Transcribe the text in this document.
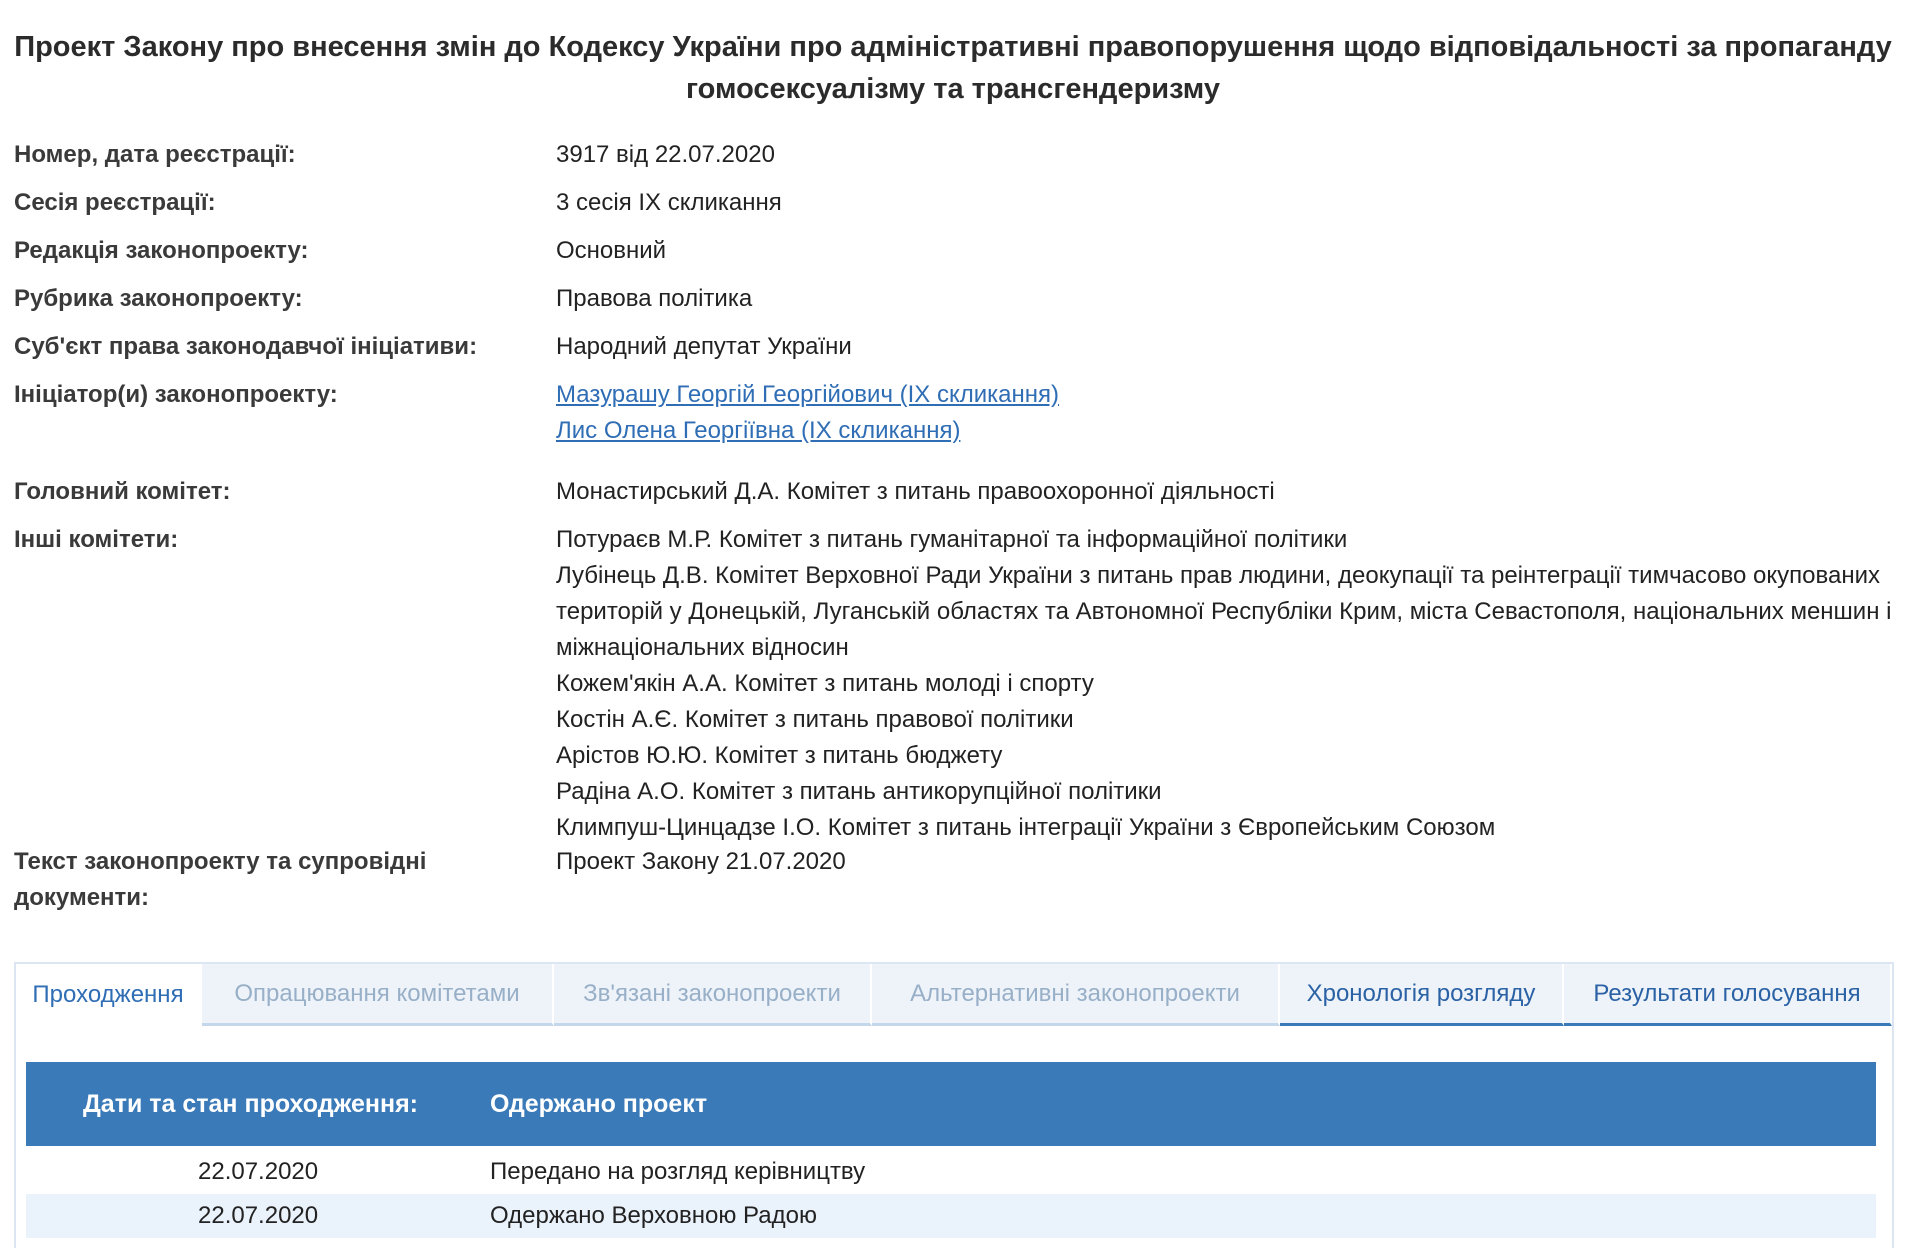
Проект Закону про внесення змін до Кодексу України про адміністративні правопорушення щодо відповідальності за пропаганду гомосексуалізму та трансгендеризму
Номер, дата реєстрації:	3917 від 22.07.2020
Сесія реєстрації:	3 сесія IX скликання
Редакція законопроекту:	Основний
Рубрика законопроекту:	Правова політика
Суб'єкт права законодавчої ініціативи:	Народний депутат України
Ініціатор(и) законопроекту:	Мазурашу Георгій Георгійович (IX скликання)
Лис Олена Георгіївна (IX скликання)
Головний комітет:	Монастирський Д.А. Комітет з питань правоохоронної діяльності
Інші комітети:	Потураєв М.Р. Комітет з питань гуманітарної та інформаційної політики
Лубінець Д.В. Комітет Верховної Ради України з питань прав людини, деокупації та реінтеграції тимчасово окупованих
територій у Донецькій, Луганській областях та Автономної Республіки Крим, міста Севастополя, національних меншин і
міжнаціональних відносин
Кожем'якін А.А. Комітет з питань молоді і спорту
Костін А.Є. Комітет з питань правової політики
Арістов Ю.Ю. Комітет з питань бюджету
Радіна А.О. Комітет з питань антикорупційної політики
Климпуш-Цинцадзе І.О. Комітет з питань інтеграції України з Європейським Союзом
Текст законопроекту та супровідні документи:
Проект Закону 21.07.2020
Проходження	Опрацювання комітетами	Зв'язані законопроекти	Альтернативні законопроекти	Хронологія розгляду	Результати голосування
Дати та стан проходження:	Одержано проект
22.07.2020	Передано на розгляд керівництву
22.07.2020	Одержано Верховною Радою
